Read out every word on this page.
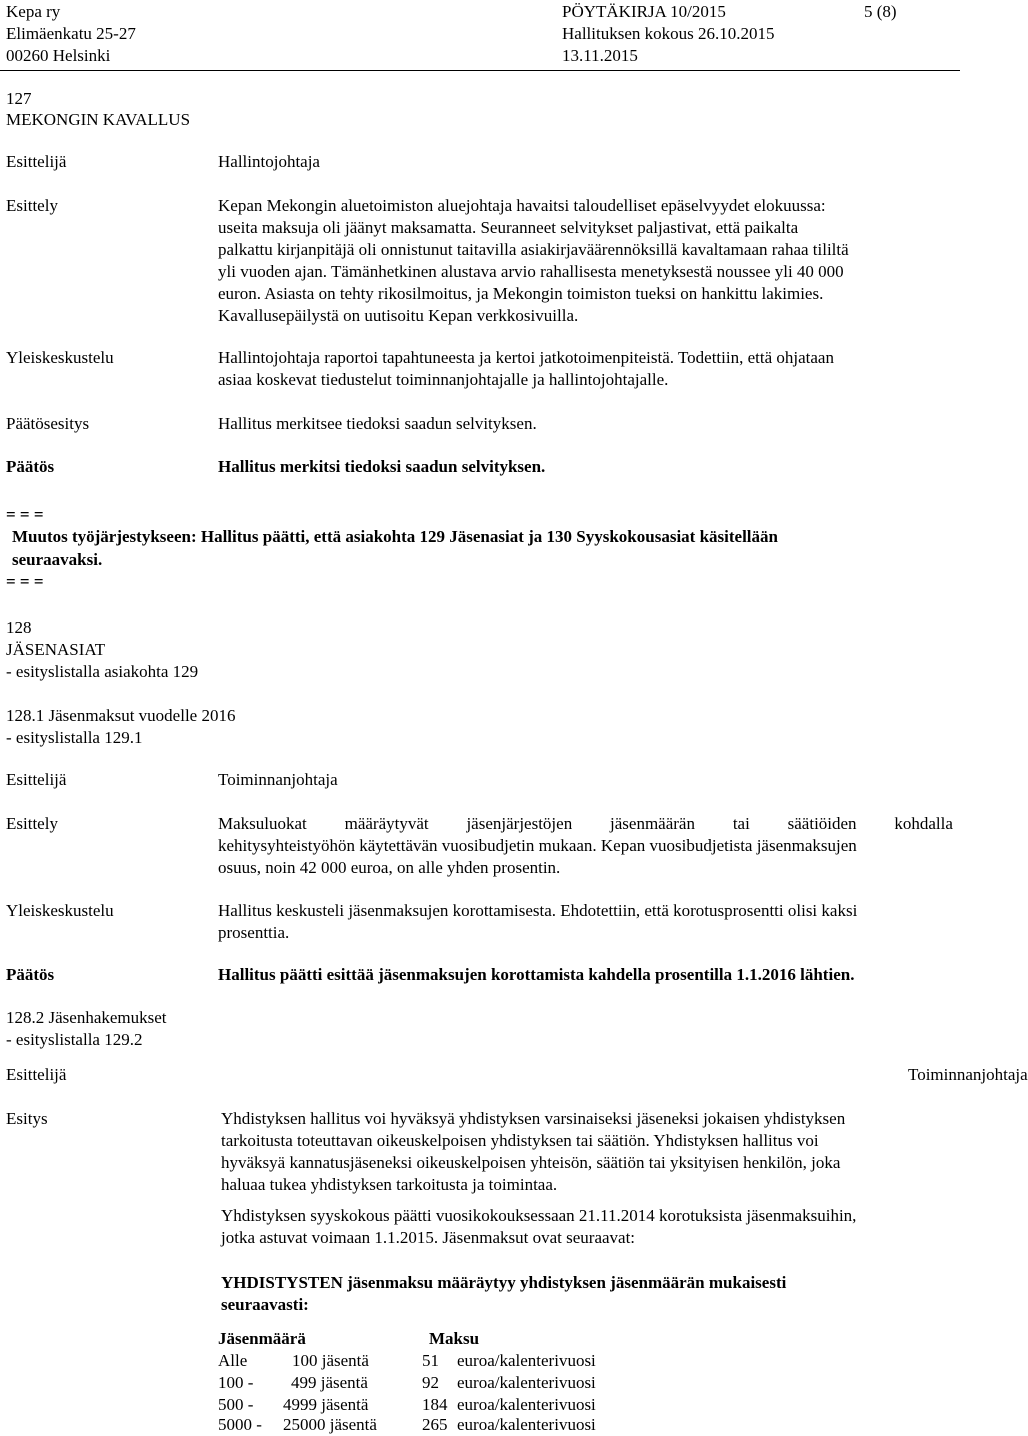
Kepa ry	PÖYTÄKIRJA 10/2015	5 (8)
Elimäenkatu 25-27	Hallituksen kokous 26.10.2015
00260 Helsinki	13.11.2015
127
MEKONGIN KAVALLUS
Esittelijä	Hallintojohtaja
Esittely	Kepan Mekongin aluetoimiston aluejohtaja havaitsi taloudelliset epäselvyydet elokuussa:
useita maksuja oli jäänyt maksamatta. Seuranneet selvitykset paljastivat, että paikalta
palkattu kirjanpitäjä oli onnistunut taitavilla asiakirjaväärennöksillä kavaltamaan rahaa tililtä
yli vuoden ajan. Tämänhetkinen alustava arvio rahallisesta menetyksestä noussee yli 40 000
euron. Asiasta on tehty rikosilmoitus, ja Mekongin toimiston tueksi on hankittu lakimies.
Kavallusepäilystä on uutisoitu Kepan verkkosivuilla.
Yleiskeskustelu	Hallintojohtaja raportoi tapahtuneesta ja kertoi jatkotoimenpiteistä. Todettiin, että ohjataan
asiaa koskevat tiedustelut toiminnanjohtajalle ja hallintojohtajalle.
Päätösesitys	Hallitus merkitsee tiedoksi saadun selvityksen.
Päätös	Hallitus merkitsi tiedoksi saadun selvityksen.
= = =
Muutos työjärjestykseen: Hallitus päätti, että asiakohta 129 Jäsenasiat ja 130 Syyskokousasiat käsitellään
seuraavaksi.
= = =
128
JÄSENASIAT
- esityslistalla asiakohta 129
128.1 Jäsenmaksut vuodelle 2016
- esityslistalla 129.1
Esittelijä	Toiminnanjohtaja
Esittely	Maksuluokat määräytyvät jäsenjärjestöjen jäsenmäärän tai säätiöiden kohdalla
kehitysyhteistyöhön käytettävän vuosibudjetin mukaan. Kepan vuosibudjetista jäsenmaksujen
osuus, noin 42 000 euroa, on alle yhden prosentin.
Yleiskeskustelu	Hallitus keskusteli jäsenmaksujen korottamisesta. Ehdotettiin, että korotusprosentti olisi kaksi
prosenttia.
Päätös	Hallitus päätti esittää jäsenmaksujen korottamista kahdella prosentilla 1.1.2016 lähtien.
128.2 Jäsenhakemukset
- esityslistalla 129.2
Esittelijä	Toiminnanjohtaja
Esitys	Yhdistyksen hallitus voi hyväksyä yhdistyksen varsinaiseksi jäseneksi jokaisen yhdistyksen
tarkoitusta toteuttavan oikeuskelpoisen yhdistyksen tai säätiön. Yhdistyksen hallitus voi
hyväksyä kannatusjäseneksi oikeuskelpoisen yhteisön, säätiön tai yksityisen henkilön, joka
haluaa tukea yhdistyksen tarkoitusta ja toimintaa.
Yhdistyksen syyskokous päätti vuosikokouksessaan 21.11.2014 korotuksista jäsenmaksuihin,
jotka astuvat voimaan 1.1.2015. Jäsenmaksut ovat seuraavat:
YHDISTYSTEN jäsenmaksu määräytyy yhdistyksen jäsenmäärän mukaisesti
seuraavasti:
Jäsenmäärä	Maksu
Alle	100 jäsentä	51 euroa/kalenterivuosi
100 - 499 jäsentä	92 euroa/kalenterivuosi
500 - 4999 jäsentä	184 euroa/kalenterivuosi
5000 - 25000 jäsentä	265 euroa/kalenterivuosi
